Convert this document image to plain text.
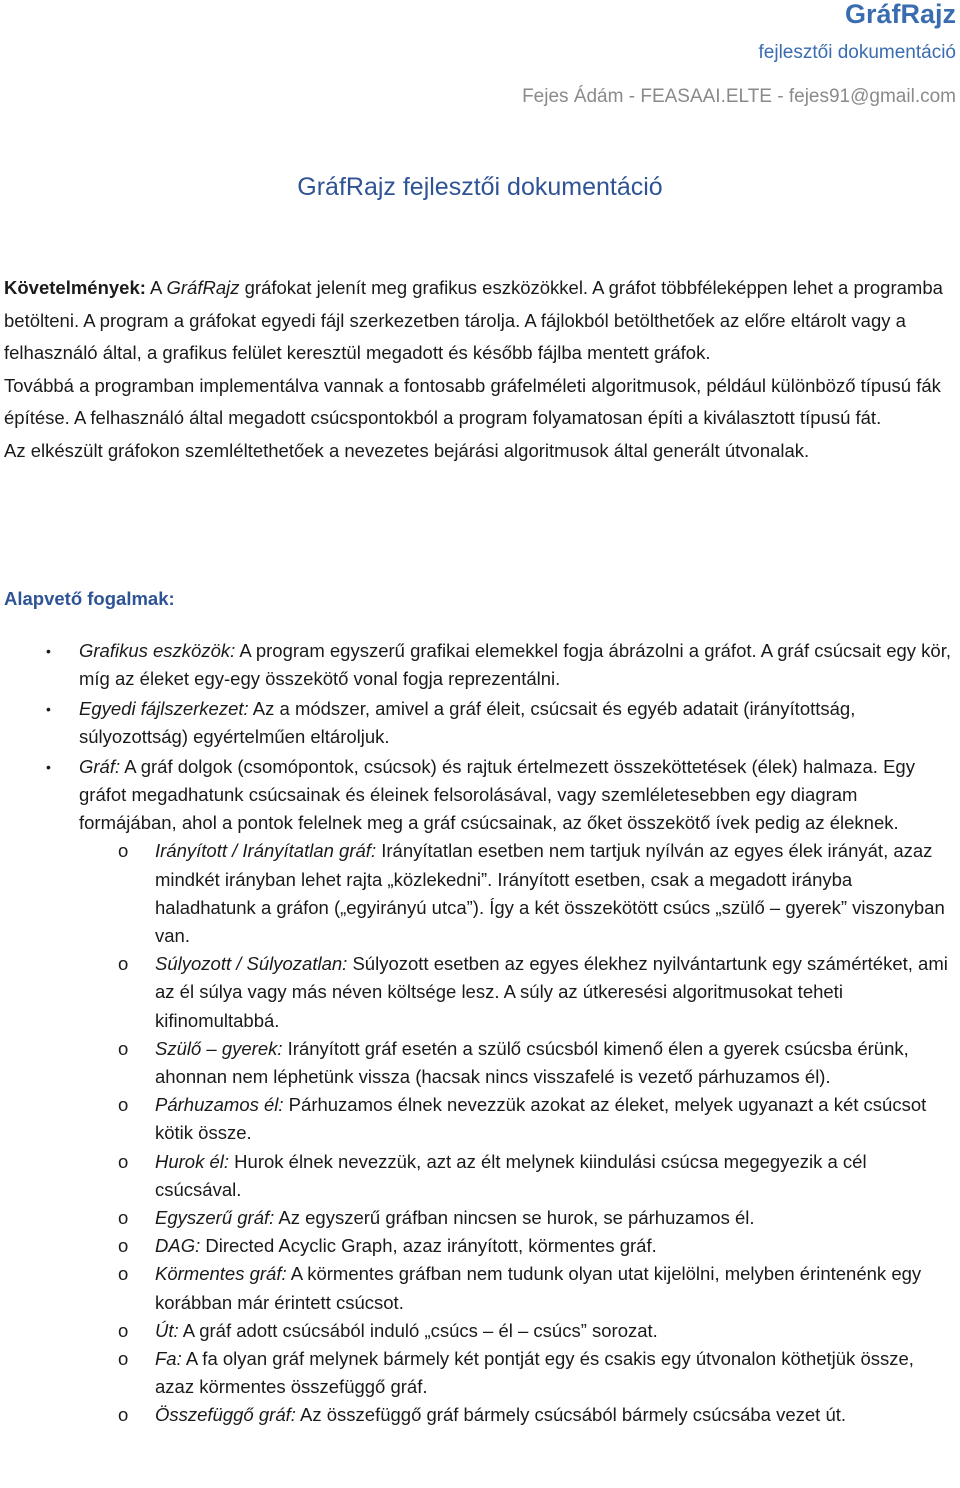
GráfRajz
fejlesztői dokumentáció
Fejes Ádám - FEASAAI.ELTE - fejes91@gmail.com
GráfRajz fejlesztői dokumentáció

Követelmények: A GráfRajz gráfokat jelenít meg grafikus eszközökkel. A gráfot többféleképpen lehet a programba betölteni. A program a gráfokat egyedi fájl szerkezetben tárolja. A fájlokból betölthetőek az előre eltárolt vagy a felhasználó által, a grafikus felület keresztül megadott és később fájlba mentett gráfok.

Továbbá a programban implementálva vannak a fontosabb gráfelméleti algoritmusok, például különböző típusú fák építése. A felhasználó által megadott csúcspontokból a program folyamatosan építi a kiválasztott típusú fát.

Az elkészült gráfokon szemléltethetőek a nevezetes bejárási algoritmusok által generált útvonalak.

Alapvető fogalmak:
• Grafikus eszközök: A program egyszerű grafikai elemekkel fogja ábrázolni a gráfot. A gráf csúcsait egy kör, míg az éleket egy-egy összekötő vonal fogja reprezentálni.
• Egyedi fájlszerkezet: Az a módszer, amivel a gráf éleit, csúcsait és egyéb adatait (irányítottság, súlyozottság) egyértelműen eltároljuk.
• Gráf: A gráf dolgok (csomópontok, csúcsok) és rajtuk értelmezett összeköttetések (élek) halmaza. Egy gráfot megadhatunk csúcsainak és éleinek felsorolásával, vagy szemléletesebben egy diagram formájában, ahol a pontok felelnek meg a gráf csúcsainak, az őket összekötő ívek pedig az éleknek.
o Irányított / Irányítatlan gráf: Irányítatlan esetben nem tartjuk nyílván az egyes élek irányát, azaz mindkét irányban lehet rajta „közlekedni”. Irányított esetben, csak a megadott irányba haladhatunk a gráfon („egyirányú utca”). Így a két összekötött csúcs „szülő – gyerek” viszonyban van.
o Súlyozott / Súlyozatlan: Súlyozott esetben az egyes élekhez nyilvántartunk egy számértéket, ami az él súlya vagy más néven költsége lesz. A súly az útkeresési algoritmusokat teheti kifinomultabbá.
o Szülő – gyerek: Irányított gráf esetén a szülő csúcsból kimenő élen a gyerek csúcsba érünk, ahonnan nem léphetünk vissza (hacsak nincs visszafelé is vezető párhuzamos él).
o Párhuzamos él: Párhuzamos élnek nevezzük azokat az éleket, melyek ugyanazt a két csúcsot kötik össze.
o Hurok él: Hurok élnek nevezzük, azt az élt melynek kiindulási csúcsa megegyezik a cél csúcsával.
o Egyszerű gráf: Az egyszerű gráfban nincsen se hurok, se párhuzamos él.
o DAG: Directed Acyclic Graph, azaz irányított, körmentes gráf.
o Körmentes gráf: A körmentes gráfban nem tudunk olyan utat kijelölni, melyben érintenénk egy korábban már érintett csúcsot.
o Út: A gráf adott csúcsából induló „csúcs – él – csúcs” sorozat.
o Fa: A fa olyan gráf melynek bármely két pontját egy és csakis egy útvonalon köthetjük össze, azaz körmentes összefüggő gráf.
o Összefüggő gráf: Az összefüggő gráf bármely csúcsából bármely csúcsába vezet út.
